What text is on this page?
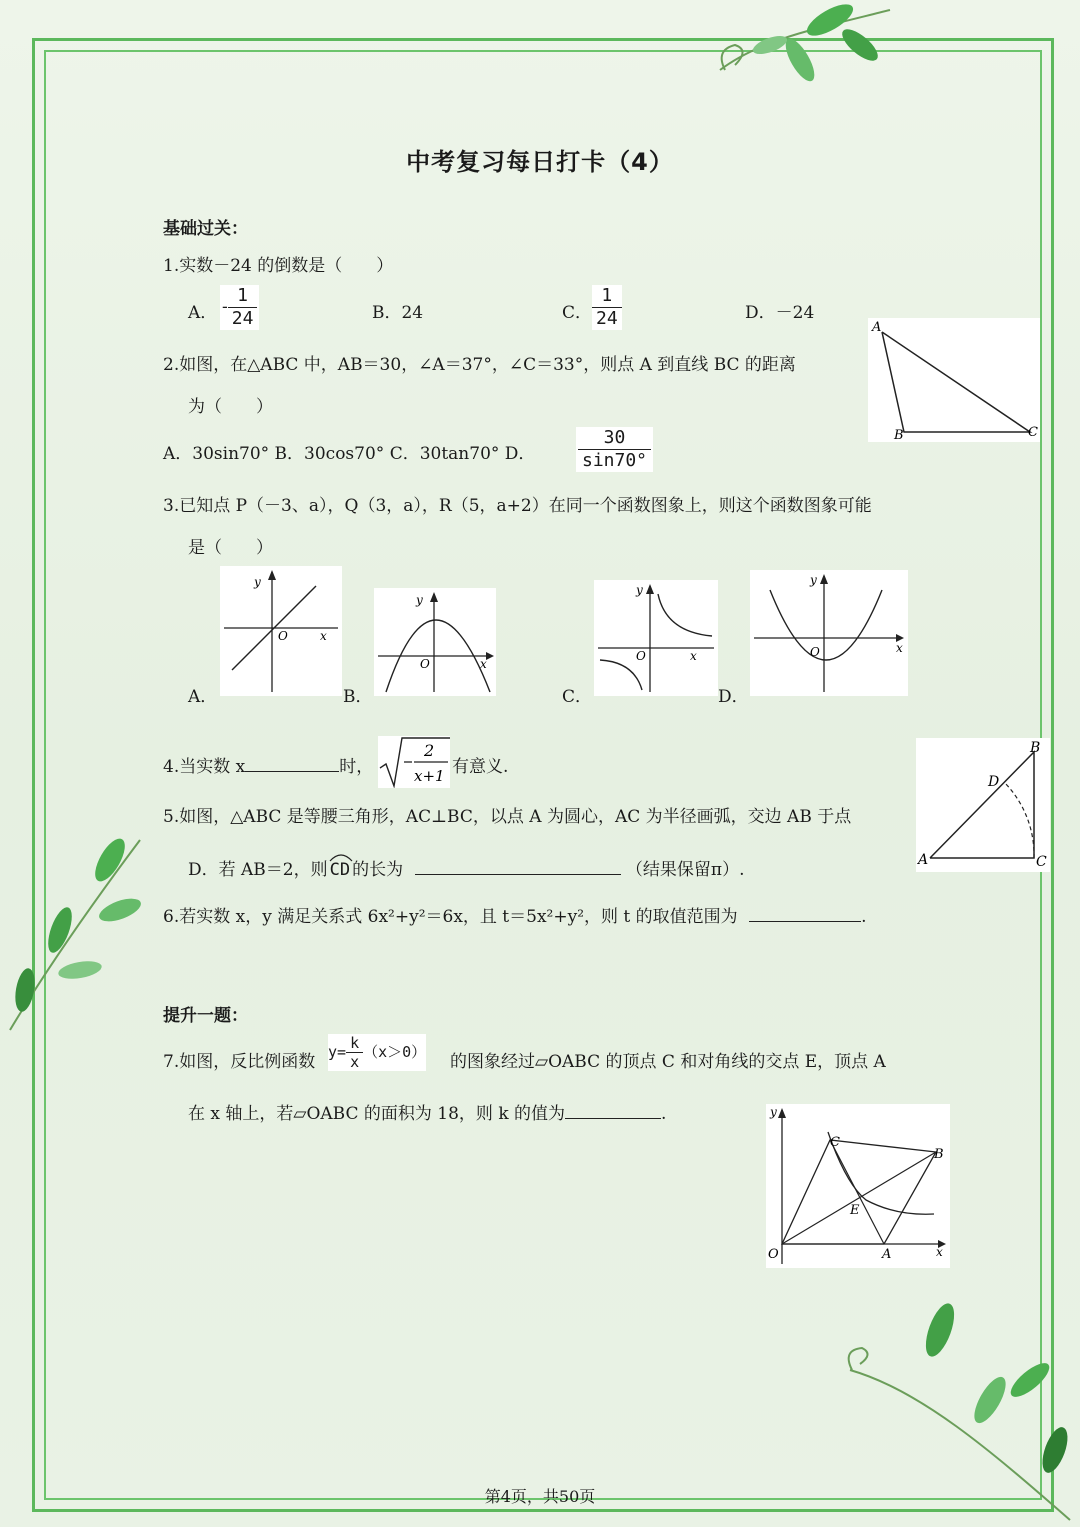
中考复习每日打卡（4）
基础过关：
1.实数－24 的倒数是（　　）
A． - $\frac{1}{24}$	B．24	C． $\frac{1}{24}$	D．－24
2.如图，在△ABC 中，AB＝30，∠A＝37°，∠C＝33°，则点 A 到直线 BC 的距离
为（　　）
A．30sin70° B．30cos70° C．30tan70° D． $\frac{30}{\sin 70^\circ}$
A
B	C
3.已知点 P（－3、a），Q（3，a），R（5，a+2）在同一个函数图象上，则这个函数图象可能
是（　　）
A．
y
O	x
B．
y
O	x
C．
y
O	x
D．
y
O	x
4.当实数 x	时，
2
x+1 有意义.
5.如图，△ABC 是等腰三角形，AC⊥BC，以点 A 为圆心，AC 为半径画弧，交边 AB 于点
D．若 AB＝2，则 CD 的长为	（结果保留π）.	A
B
C
D
6.若实数 x，y 满足关系式 6x²+y²＝6x，且 t＝5x²+y²，则 t 的取值范围为	.
提升一题：
7.如图，反比例函数 $y= \frac{k}{x} (x>0)$ 的图象经过▱OABC 的顶点 C 和对角线的交点 E，顶点 A
在 x 轴上，若▱OABC 的面积为 18，则 k 的值为	.
O	A
B
C
E
x
y
第4页，共50页
